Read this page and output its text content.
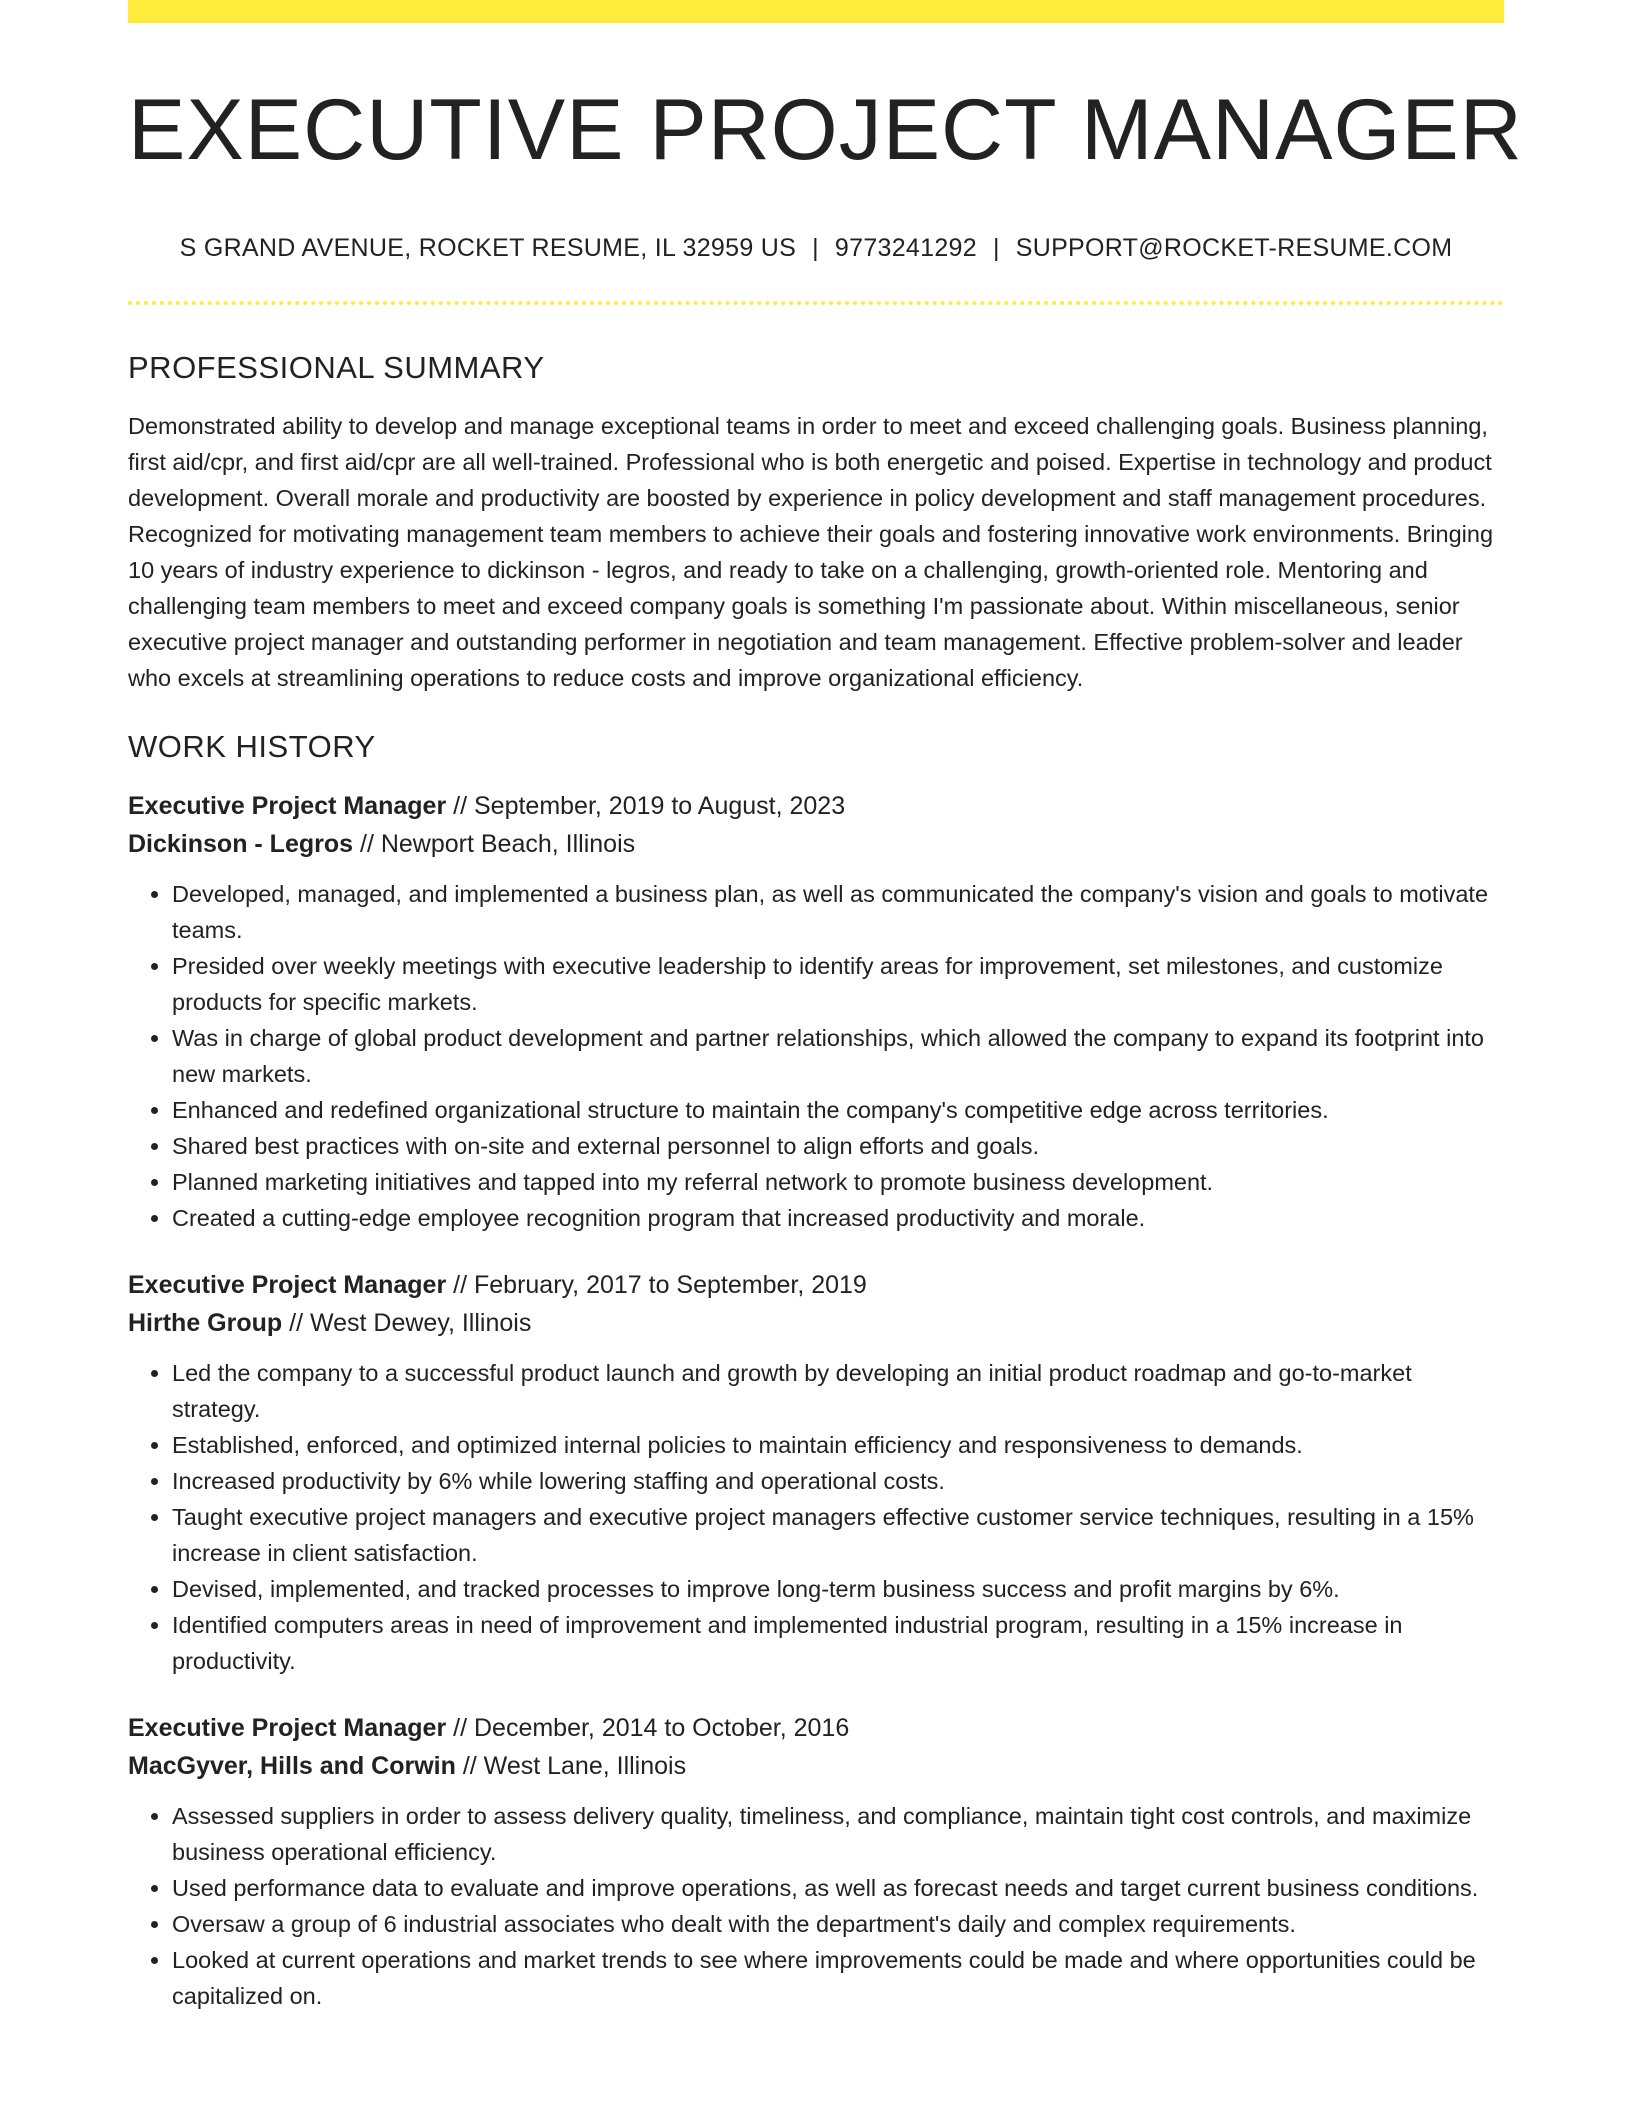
EXECUTIVE PROJECT MANAGER
S GRAND AVENUE, ROCKET RESUME, IL 32959 US | 9773241292 | SUPPORT@ROCKET-RESUME.COM
PROFESSIONAL SUMMARY

Demonstrated ability to develop and manage exceptional teams in order to meet and exceed challenging goals. Business planning, first aid/cpr, and first aid/cpr are all well-trained. Professional who is both energetic and poised. Expertise in technology and product development. Overall morale and productivity are boosted by experience in policy development and staff management procedures. Recognized for motivating management team members to achieve their goals and fostering innovative work environments. Bringing 10 years of industry experience to dickinson - legros, and ready to take on a challenging, growth-oriented role. Mentoring and challenging team members to meet and exceed company goals is something I'm passionate about. Within miscellaneous, senior executive project manager and outstanding performer in negotiation and team management. Effective problem-solver and leader who excels at streamlining operations to reduce costs and improve organizational efficiency.

WORK HISTORY
Executive Project Manager // September, 2019 to August, 2023
Dickinson - Legros // Newport Beach, Illinois
• Developed, managed, and implemented a business plan, as well as communicated the company's vision and goals to motivate teams.
• Presided over weekly meetings with executive leadership to identify areas for improvement, set milestones, and customize products for specific markets.
• Was in charge of global product development and partner relationships, which allowed the company to expand its footprint into new markets.
• Enhanced and redefined organizational structure to maintain the company's competitive edge across territories.
• Shared best practices with on-site and external personnel to align efforts and goals.
• Planned marketing initiatives and tapped into my referral network to promote business development.
• Created a cutting-edge employee recognition program that increased productivity and morale.
Executive Project Manager // February, 2017 to September, 2019
Hirthe Group // West Dewey, Illinois
• Led the company to a successful product launch and growth by developing an initial product roadmap and go-to-market strategy.
• Established, enforced, and optimized internal policies to maintain efficiency and responsiveness to demands.
• Increased productivity by 6% while lowering staffing and operational costs.
• Taught executive project managers and executive project managers effective customer service techniques, resulting in a 15% increase in client satisfaction.
• Devised, implemented, and tracked processes to improve long-term business success and profit margins by 6%.
• Identified computers areas in need of improvement and implemented industrial program, resulting in a 15% increase in productivity.
Executive Project Manager // December, 2014 to October, 2016
MacGyver, Hills and Corwin // West Lane, Illinois
• Assessed suppliers in order to assess delivery quality, timeliness, and compliance, maintain tight cost controls, and maximize business operational efficiency.
• Used performance data to evaluate and improve operations, as well as forecast needs and target current business conditions.
• Oversaw a group of 6 industrial associates who dealt with the department's daily and complex requirements.
• Looked at current operations and market trends to see where improvements could be made and where opportunities could be capitalized on.
